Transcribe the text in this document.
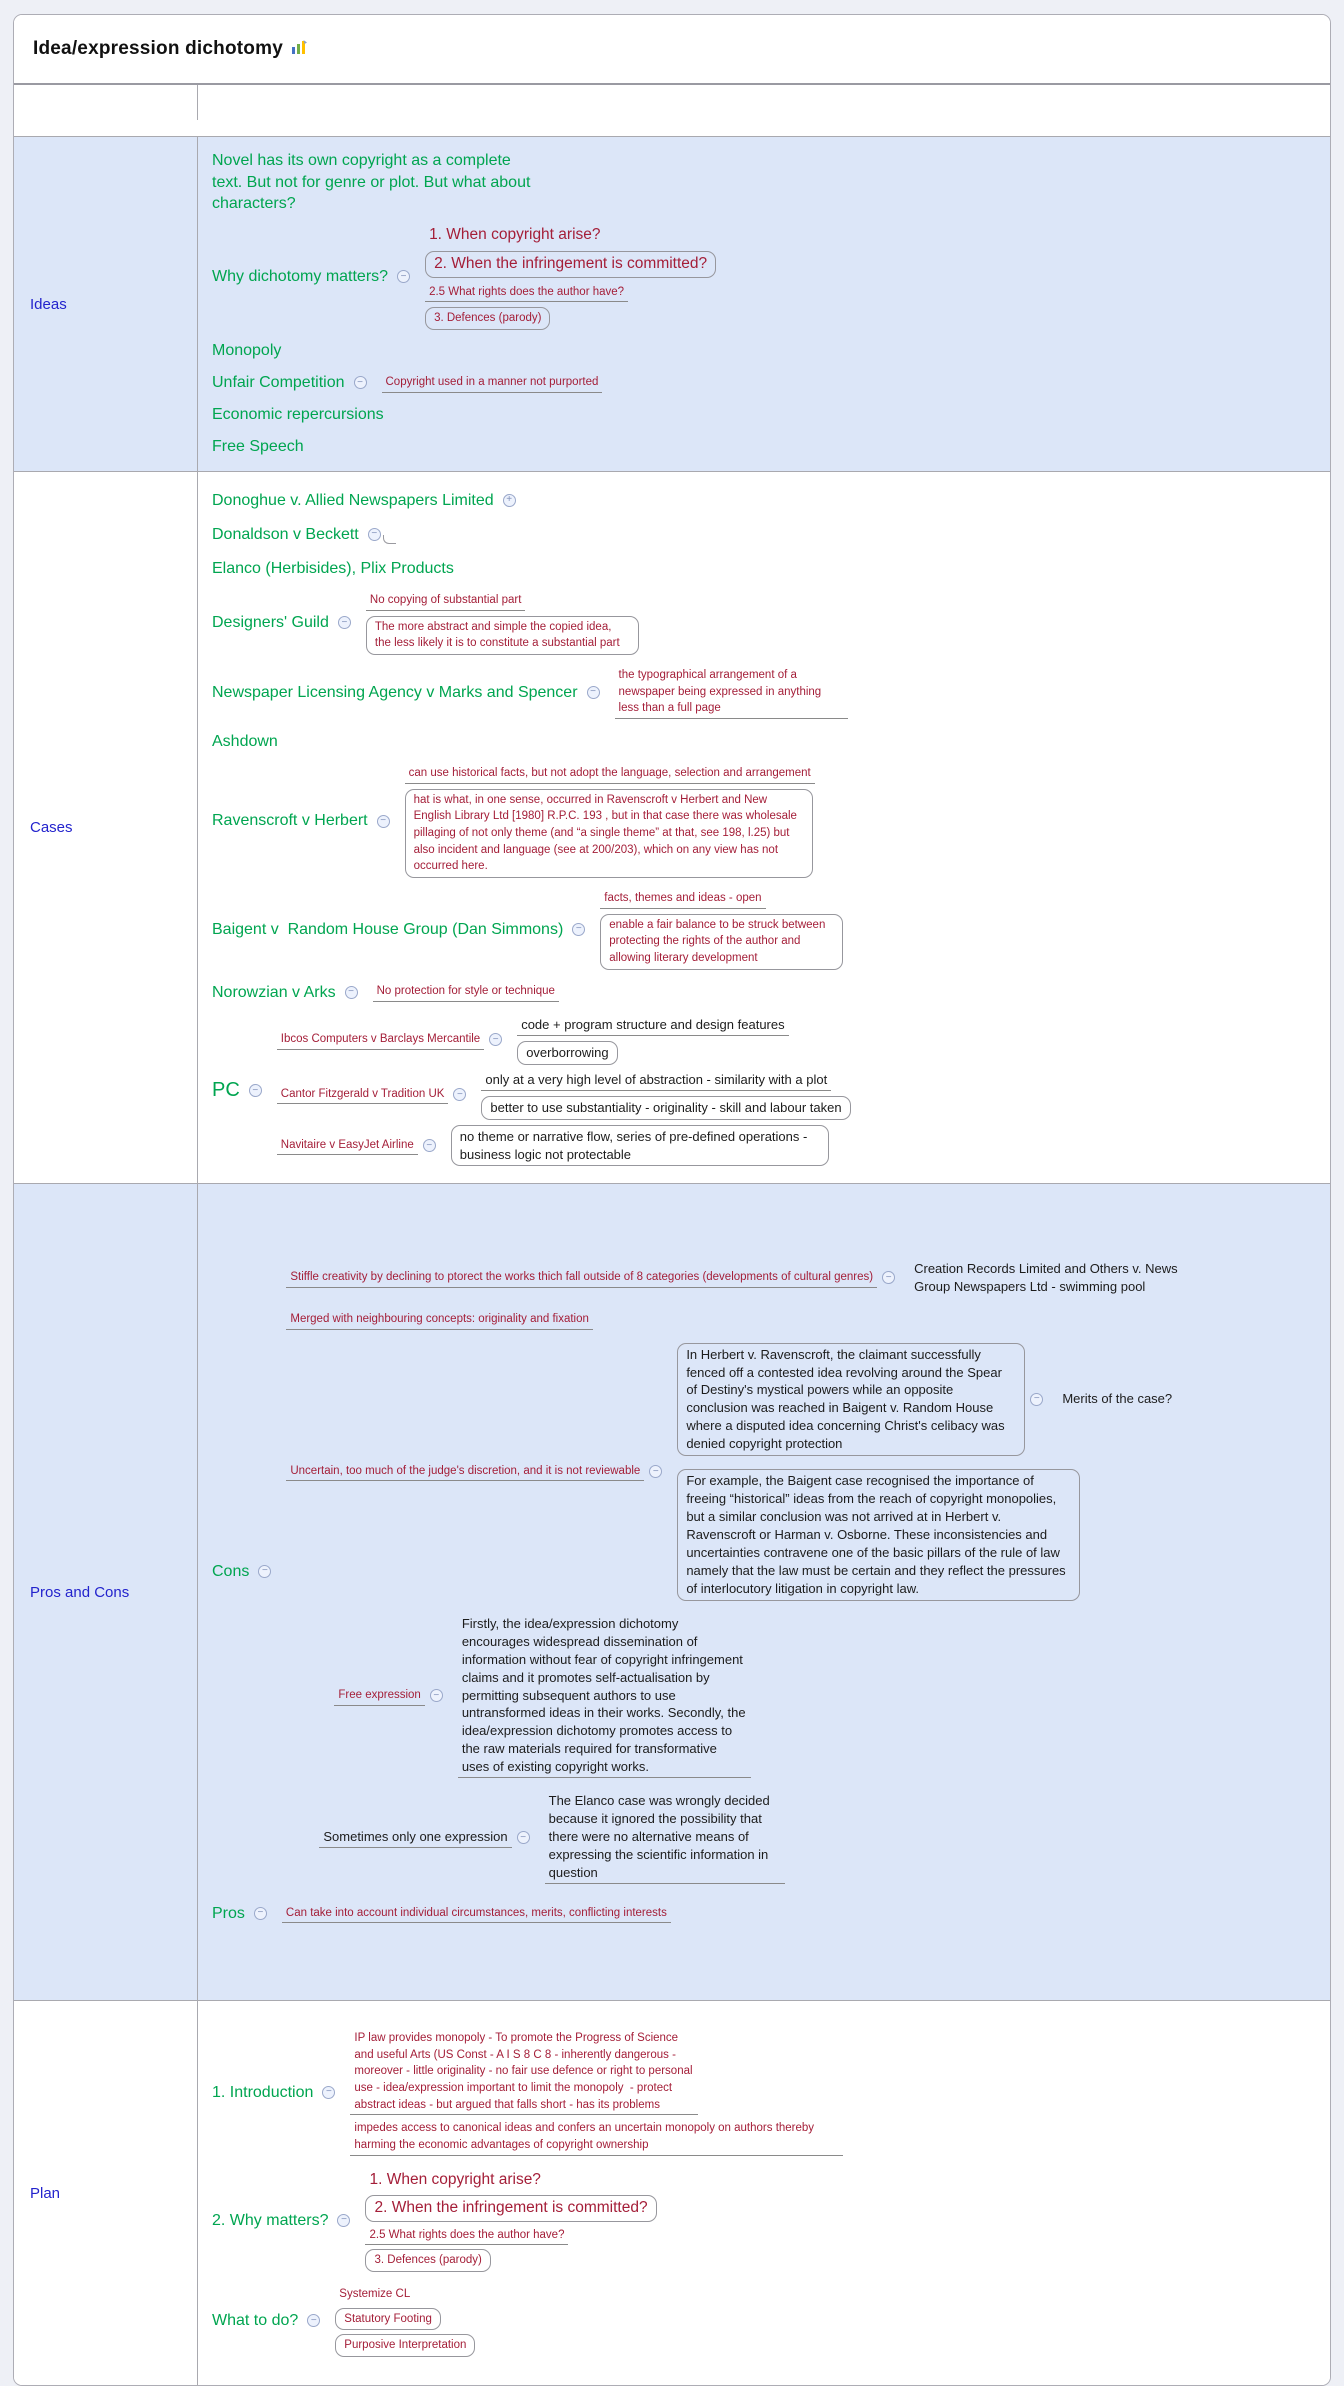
Idea/expression dichotomy
Ideas
Novel has its own copyright as a complete text. But not for genre or plot. But what about characters?
Why dichotomy matters?	−
1. When copyright arise?
2. When the infringement is committed?
2.5 What rights does the author have?
3. Defences (parody)
Monopoly
Unfair Competition	−	Copyright used in a manner not purported
Economic repercursions
Free Speech
Cases
Donoghue v. Allied Newspapers Limited	+
Donaldson v Beckett	−
Elanco (Herbisides), Plix Products
Designers' Guild	−
No copying of substantial part
The more abstract and simple the copied idea, the less likely it is to constitute a substantial part
Newspaper Licensing Agency v Marks and Spencer	−
the typographical arrangement of a newspaper being expressed in anything less than a full page
Ashdown
Ravenscroft v Herbert	−
can use historical facts, but not adopt the language, selection and arrangement
hat is what, in one sense, occurred in Ravenscroft v Herbert and New English Library Ltd [1980] R.P.C. 193 , but in that case there was wholesale pillaging of not only theme (and “a single theme” at that, see 198, l.25) but also incident and language (see at 200/203), which on any view has not occurred here.
Baigent v  Random House Group (Dan Simmons)	−
facts, themes and ideas - open
enable a fair balance to be struck between protecting the rights of the author and allowing literary development
Norowzian v Arks	−	No protection for style or technique
PC	−
Ibcos Computers v Barclays Mercantile	−
code + program structure and design features
overborrowing
Cantor Fitzgerald v Tradition UK	−
only at a very high level of abstraction - similarity with a plot
better to use substantiality - originality - skill and labour taken
Navitaire v EasyJet Airline	−
no theme or narrative flow, series of pre-defined operations - business logic not protectable
Pros and Cons
Cons	−
Stiffle creativity by declining to ptorect the works thich fall outside of 8 categories (developments of cultural genres)	−
Creation Records Limited and Others v. News Group Newspapers Ltd - swimming pool
Merged with neighbouring concepts: originality and fixation
Uncertain, too much of the judge's discretion, and it is not reviewable	−
In Herbert v. Ravenscroft, the claimant successfully fenced off a contested idea revolving around the Spear of Destiny's mystical powers while an opposite conclusion was reached in Baigent v. Random House where a disputed idea concerning Christ's celibacy was denied copyright protection
−	Merits of the case?
For example, the Baigent case recognised the importance of freeing “historical” ideas from the reach of copyright monopolies, but a similar conclusion was not arrived at in Herbert v. Ravenscroft or Harman v. Osborne. These inconsistencies and uncertainties contravene one of the basic pillars of the rule of law namely that the law must be certain and they reflect the pressures of interlocutory litigation in copyright law.
Free expression	−
Firstly, the idea/expression dichotomy encourages widespread dissemination of information without fear of copyright infringement claims and it promotes self-actualisation by permitting subsequent authors to use untransformed ideas in their works. Secondly, the idea/expression dichotomy promotes access to the raw materials required for transformative uses of existing copyright works.
Sometimes only one expression	−
The Elanco case was wrongly decided because it ignored the possibility that there were no alternative means of expressing the scientific information in question
Pros	−	Can take into account individual circumstances, merits, conflicting interests
Plan
1. Introduction	−
IP law provides monopoly - To promote the Progress of Science and useful Arts (US Const - A I S 8 C 8 - inherently dangerous - moreover - little originality - no fair use defence or right to personal use - idea/expression important to limit the monopoly  - protect abstract ideas - but argued that falls short - has its problems
impedes access to canonical ideas and confers an uncertain monopoly on authors thereby harming the economic advantages of copyright ownership
2. Why matters?	−
1. When copyright arise?
2. When the infringement is committed?
2.5 What rights does the author have?
3. Defences (parody)
What to do?	−
Systemize CL
Statutory Footing
Purposive Interpretation
